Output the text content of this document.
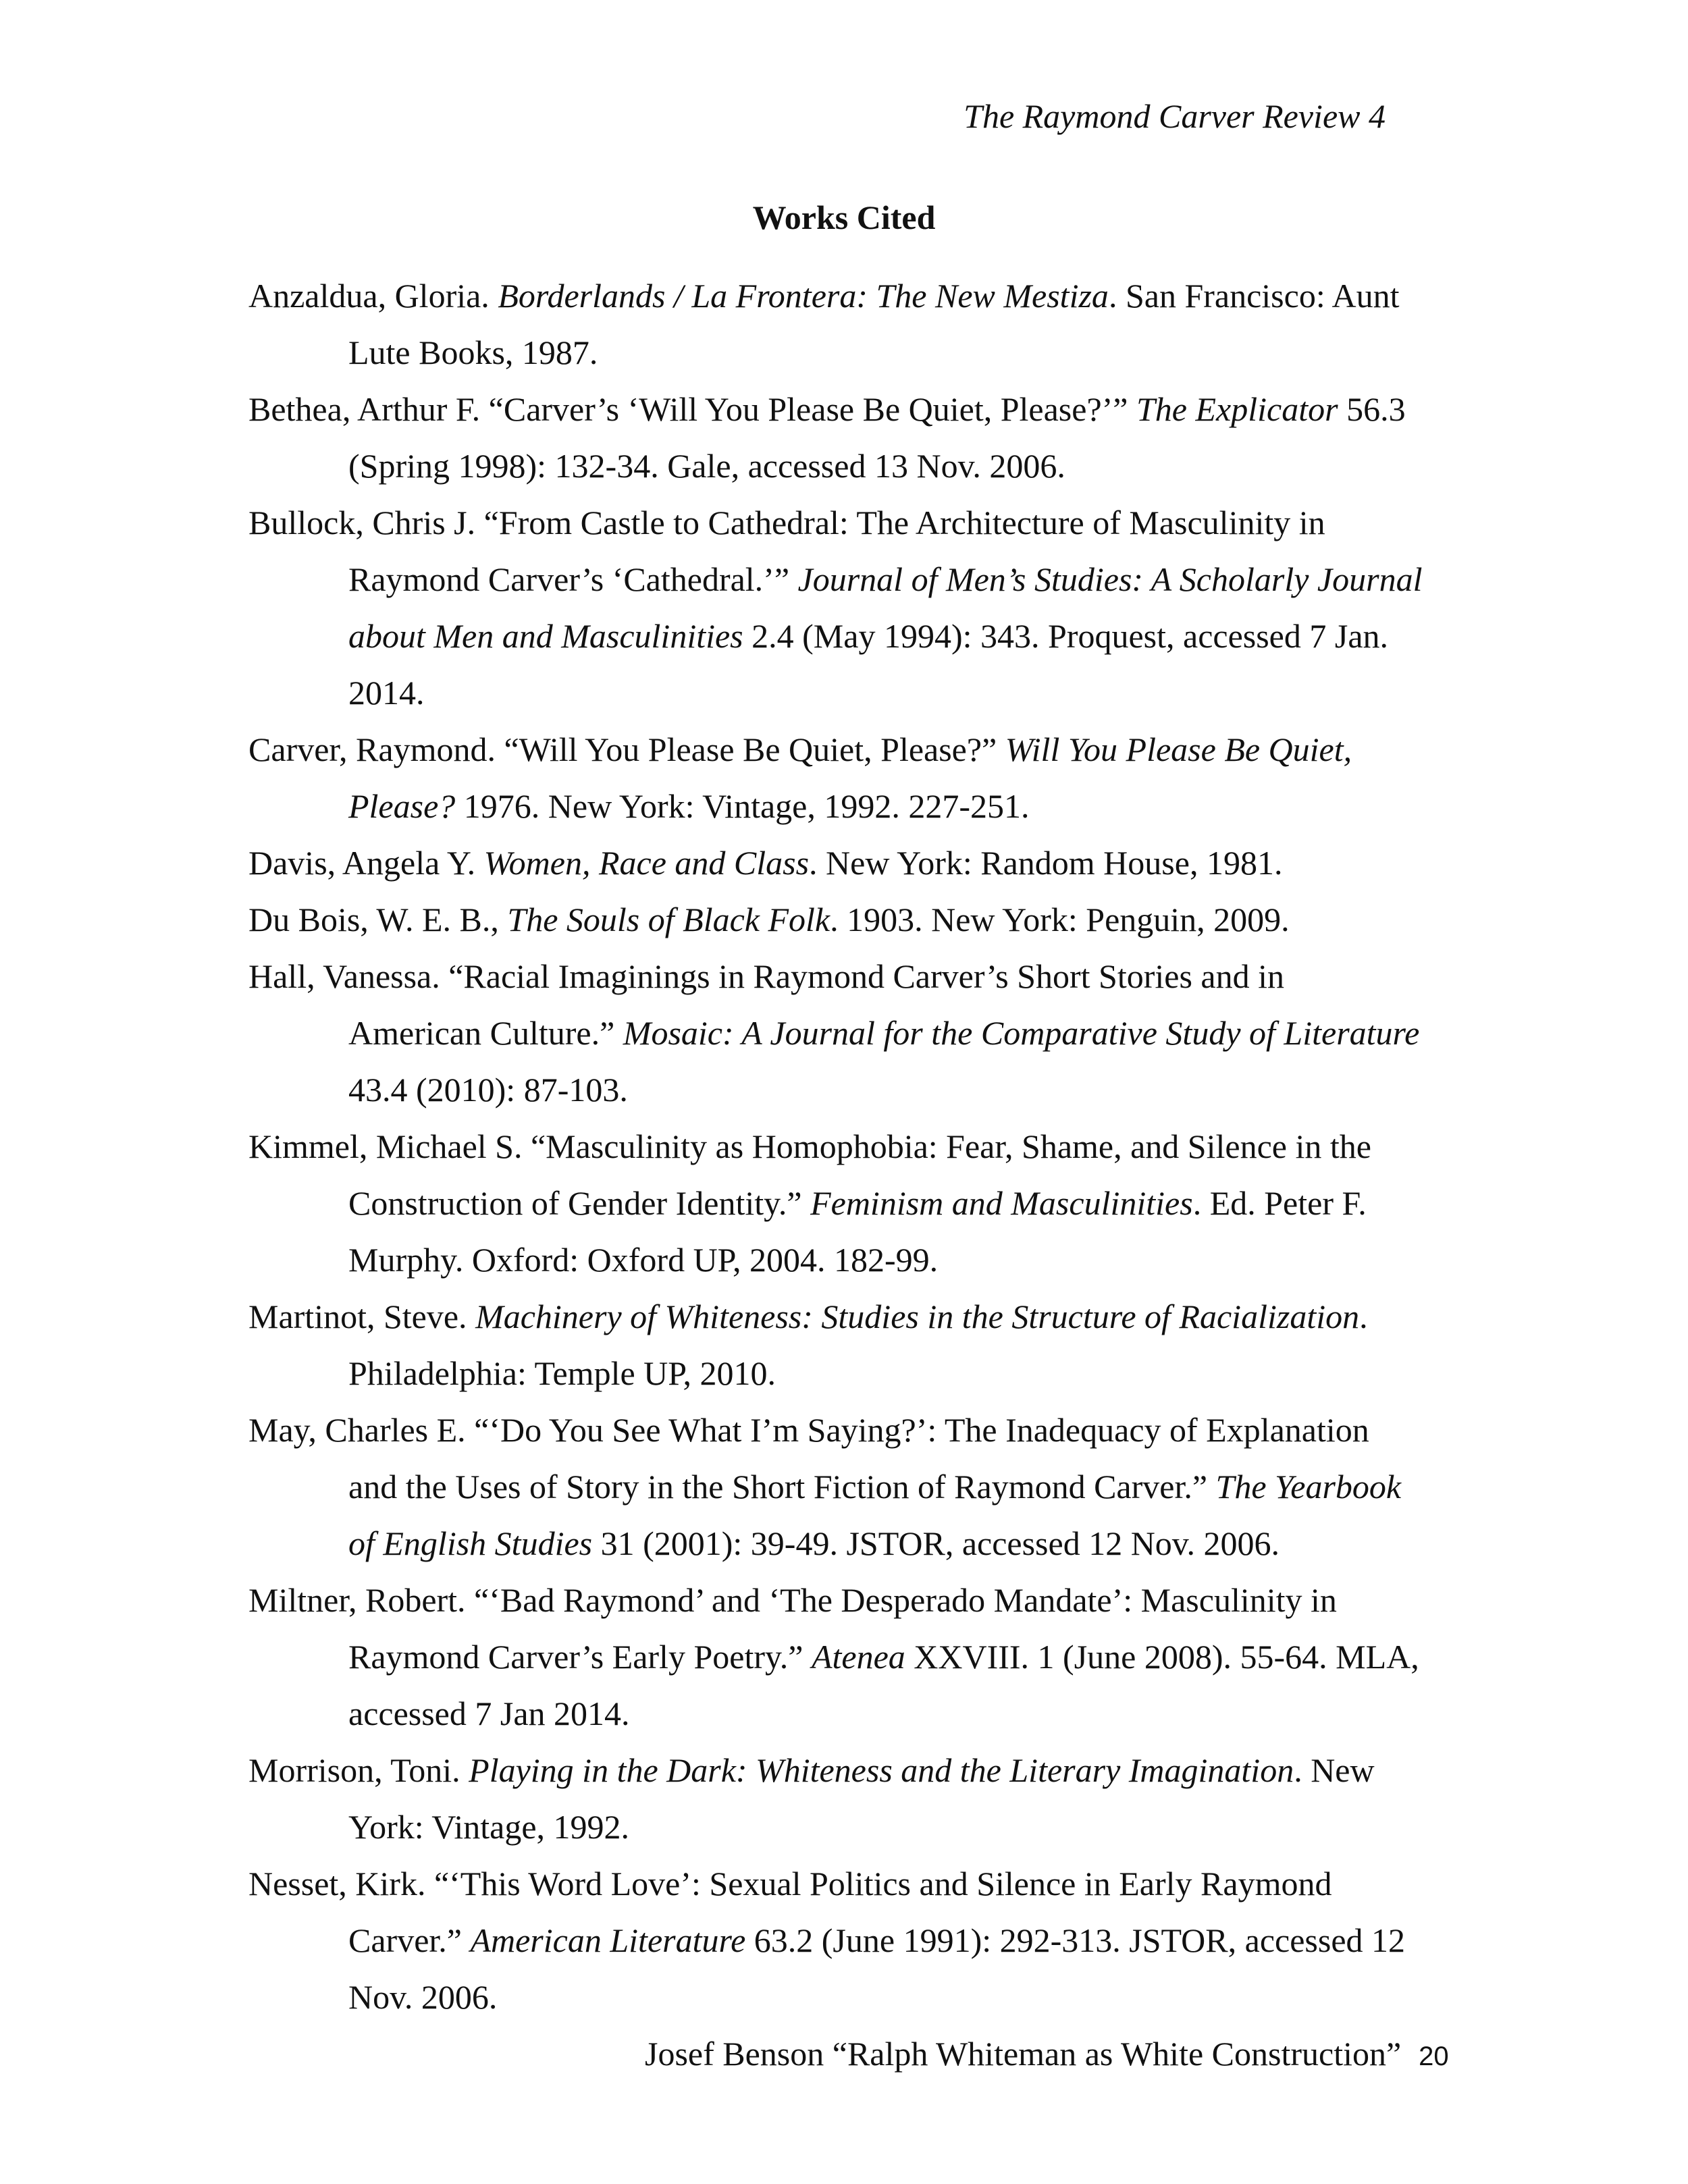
The Raymond Carver Review 4
Works Cited
Anzaldua, Gloria. Borderlands / La Frontera: The New Mestiza. San Francisco: Aunt Lute Books, 1987.
Bethea, Arthur F. “Carver’s ‘Will You Please Be Quiet, Please?’” The Explicator 56.3 (Spring 1998): 132-34. Gale, accessed 13 Nov. 2006.
Bullock, Chris J. “From Castle to Cathedral: The Architecture of Masculinity in Raymond Carver’s ‘Cathedral.’” Journal of Men’s Studies: A Scholarly Journal about Men and Masculinities 2.4 (May 1994): 343. Proquest, accessed 7 Jan. 2014.
Carver, Raymond. “Will You Please Be Quiet, Please?” Will You Please Be Quiet, Please? 1976. New York: Vintage, 1992. 227-251.
Davis, Angela Y. Women, Race and Class. New York: Random House, 1981.
Du Bois, W. E. B., The Souls of Black Folk. 1903. New York: Penguin, 2009.
Hall, Vanessa. “Racial Imaginings in Raymond Carver’s Short Stories and in American Culture.” Mosaic: A Journal for the Comparative Study of Literature 43.4 (2010): 87-103.
Kimmel, Michael S. “Masculinity as Homophobia: Fear, Shame, and Silence in the Construction of Gender Identity.” Feminism and Masculinities. Ed. Peter F. Murphy. Oxford: Oxford UP, 2004. 182-99.
Martinot, Steve. Machinery of Whiteness: Studies in the Structure of Racialization. Philadelphia: Temple UP, 2010.
May, Charles E. “‘Do You See What I’m Saying?’: The Inadequacy of Explanation and the Uses of Story in the Short Fiction of Raymond Carver.” The Yearbook of English Studies 31 (2001): 39-49. JSTOR, accessed 12 Nov. 2006.
Miltner, Robert. “‘Bad Raymond’ and ‘The Desperado Mandate’: Masculinity in Raymond Carver’s Early Poetry.” Atenea XXVIII. 1 (June 2008). 55-64. MLA, accessed 7 Jan 2014.
Morrison, Toni. Playing in the Dark: Whiteness and the Literary Imagination. New York: Vintage, 1992.
Nesset, Kirk. “‘This Word Love’: Sexual Politics and Silence in Early Raymond Carver.” American Literature 63.2 (June 1991): 292-313. JSTOR, accessed 12 Nov. 2006.
Josef Benson “Ralph Whiteman as White Construction” 20
